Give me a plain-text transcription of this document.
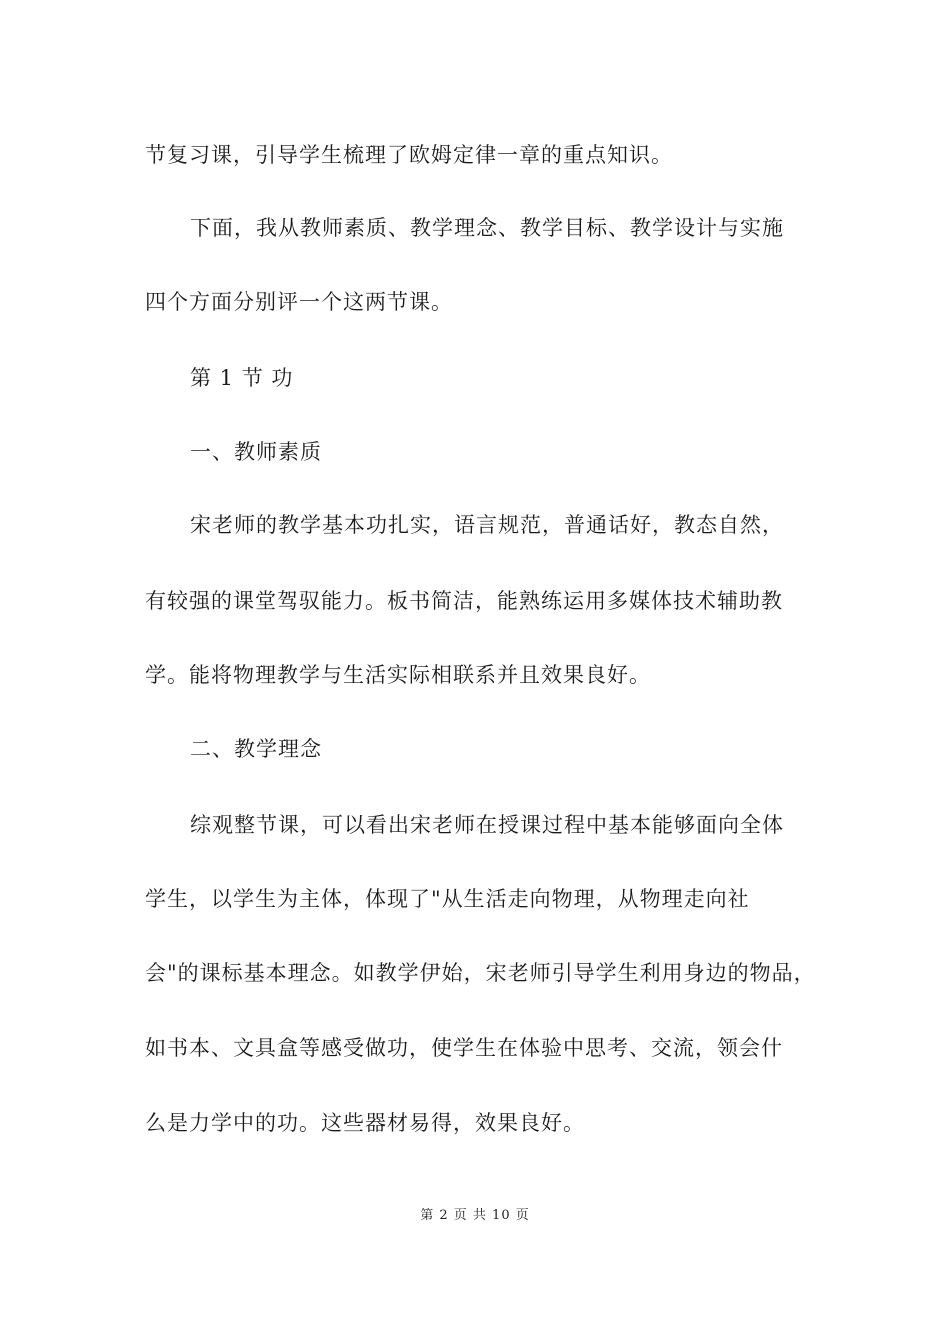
节复习课，引导学生梳理了欧姆定律一章的重点知识。
下面，我从教师素质、教学理念、教学目标、教学设计与实施
四个方面分别评一个这两节课。
第 1 节 功
一、教师素质
宋老师的教学基本功扎实，语言规范，普通话好，教态自然，
有较强的课堂驾驭能力。板书简洁，能熟练运用多媒体技术辅助教
学。能将物理教学与生活实际相联系并且效果良好。
二、教学理念
综观整节课，可以看出宋老师在授课过程中基本能够面向全体
学生，以学生为主体，体现了"从生活走向物理，从物理走向社
会"的课标基本理念。如教学伊始，宋老师引导学生利用身边的物品，
如书本、文具盒等感受做功，使学生在体验中思考、交流，领会什
么是力学中的功。这些器材易得，效果良好。
第 2 页 共 10 页
